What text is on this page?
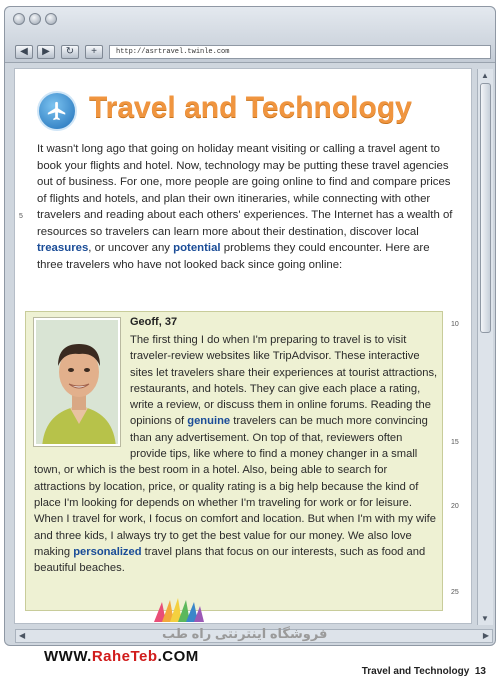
◀	▶	↻	+	http://asrtravel.twinle.com
▲
▼
◀	▶
Travel and Technology
It wasn't long ago that going on holiday meant visiting or calling a travel agent to book your flights and hotel. Now, technology may be putting these travel agencies out of business. For one, more people are going online to find and compare prices of flights and hotels, and plan their own itineraries, while connecting with other travelers and reading about each others' experiences. The Internet has a wealth of resources so travelers can learn more about their destination, discover local treasures, or uncover any potential problems they could encounter. Here are three travelers who have not looked back since going online:
5
10
15
20
25
Geoff, 37
The first thing I do when I'm preparing to travel is to visit traveler-review websites like TripAdvisor. These interactive sites let travelers share their experiences at tourist attractions, restaurants, and hotels. They can give each place a rating, write a review, or discuss them in online forums. Reading the opinions of genuine travelers can be much more convincing than any advertisement. On top of that, reviewers often provide tips, like where to find a money changer in a small town, or which is the best room in a hotel. Also, being able to search for attractions by location, price, or quality rating is a big help because the kind of place I'm looking for depends on whether I'm traveling for work or for leisure. When I travel for work, I focus on comfort and location. But when I'm with my wife and three kids, I always try to get the best value for our money. We also love making personalized travel plans that focus on our interests, such as food and beautiful beaches.
فروشگاه اینترنتی راه طب
WWW.RaheTeb.COM
Travel and Technology 13
